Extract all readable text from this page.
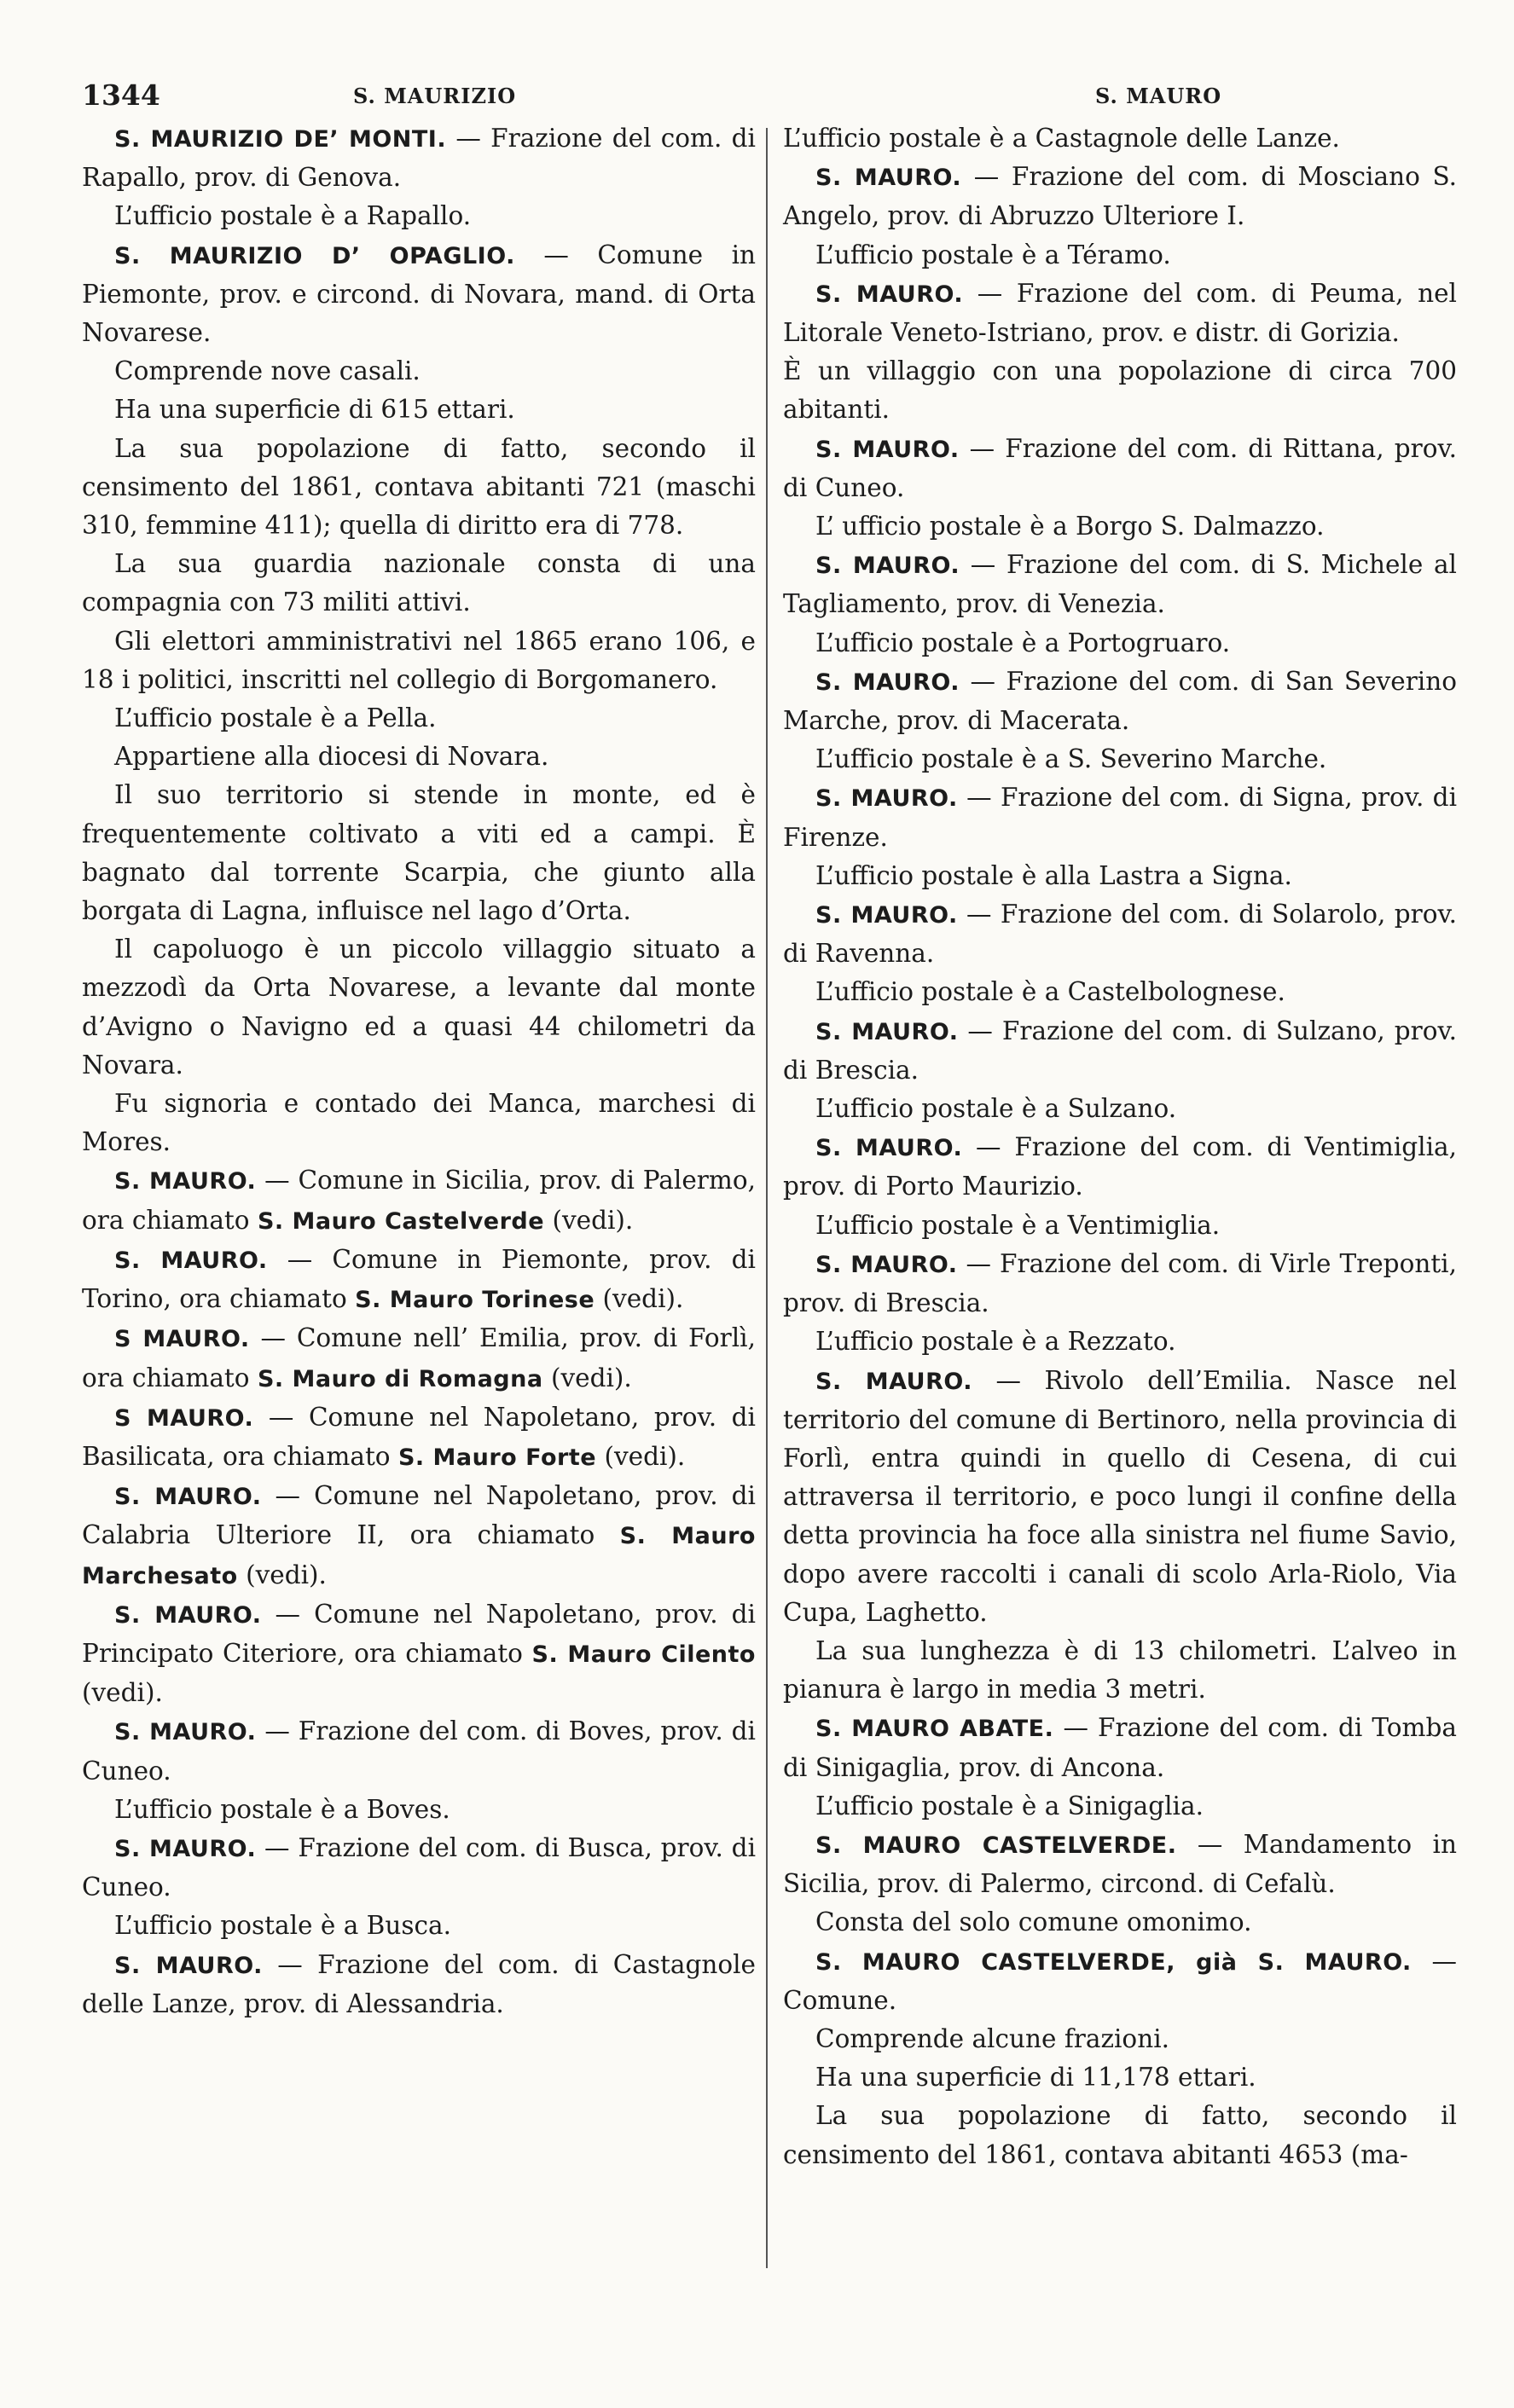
1344	S. MAURIZIO	S. MAURO

S. MAURIZIO DE’ MONTI. — Frazione del com. di Rapallo, prov. di Genova.

L’ufficio postale è a Rapallo.

S. MAURIZIO D’ OPAGLIO. — Comune in Piemonte, prov. e circond. di Novara, mand. di Orta Novarese.

Comprende nove casali.

Ha una superficie di 615 ettari.

La sua popolazione di fatto, secondo il censimento del 1861, contava abitanti 721 (maschi 310, femmine 411); quella di diritto era di 778.

La sua guardia nazionale consta di una compagnia con 73 militi attivi.

Gli elettori amministrativi nel 1865 erano 106, e 18 i politici, inscritti nel collegio di Borgomanero.

L’ufficio postale è a Pella.

Appartiene alla diocesi di Novara.

Il suo territorio si stende in monte, ed è frequentemente coltivato a viti ed a campi. È bagnato dal torrente Scarpia, che giunto alla borgata di Lagna, influisce nel lago d’Orta.

Il capoluogo è un piccolo villaggio situato a mezzodì da Orta Novarese, a levante dal monte d’Avigno o Navigno ed a quasi 44 chilometri da Novara.

Fu signoria e contado dei Manca, marchesi di Mores.

S. MAURO. — Comune in Sicilia, prov. di Palermo, ora chiamato S. Mauro Castelverde (vedi).

S. MAURO. — Comune in Piemonte, prov. di Torino, ora chiamato S. Mauro Torinese (vedi).

S MAURO. — Comune nell’ Emilia, prov. di Forlì, ora chiamato S. Mauro di Romagna (vedi).

S MAURO. — Comune nel Napoletano, prov. di Basilicata, ora chiamato S. Mauro Forte (vedi).

S. MAURO. — Comune nel Napoletano, prov. di Calabria Ulteriore II, ora chiamato S. Mauro Marchesato (vedi).

S. MAURO. — Comune nel Napoletano, prov. di Principato Citeriore, ora chiamato S. Mauro Cilento (vedi).

S. MAURO. — Frazione del com. di Boves, prov. di Cuneo.

L’ufficio postale è a Boves.

S. MAURO. — Frazione del com. di Busca, prov. di Cuneo.

L’ufficio postale è a Busca.

S. MAURO. — Frazione del com. di Castagnole delle Lanze, prov. di Alessandria.

L’ufficio postale è a Castagnole delle Lanze.

S. MAURO. — Frazione del com. di Mosciano S. Angelo, prov. di Abruzzo Ulteriore I.

L’ufficio postale è a Téramo.

S. MAURO. — Frazione del com. di Peuma, nel Litorale Veneto-Istriano, prov. e distr. di Gorizia.

È un villaggio con una popolazione di circa 700 abitanti.

S. MAURO. — Frazione del com. di Rittana, prov. di Cuneo.

L’ ufficio postale è a Borgo S. Dalmazzo.

S. MAURO. — Frazione del com. di S. Michele al Tagliamento, prov. di Venezia.

L’ufficio postale è a Portogruaro.

S. MAURO. — Frazione del com. di San Severino Marche, prov. di Macerata.

L’ufficio postale è a S. Severino Marche.

S. MAURO. — Frazione del com. di Signa, prov. di Firenze.

L’ufficio postale è alla Lastra a Signa.

S. MAURO. — Frazione del com. di Solarolo, prov. di Ravenna.

L’ufficio postale è a Castelbolognese.

S. MAURO. — Frazione del com. di Sulzano, prov. di Brescia.

L’ufficio postale è a Sulzano.

S. MAURO. — Frazione del com. di Ventimiglia, prov. di Porto Maurizio.

L’ufficio postale è a Ventimiglia.

S. MAURO. — Frazione del com. di Virle Treponti, prov. di Brescia.

L’ufficio postale è a Rezzato.

S. MAURO. — Rivolo dell’Emilia. Nasce nel territorio del comune di Bertinoro, nella provincia di Forlì, entra quindi in quello di Cesena, di cui attraversa il territorio, e poco lungi il confine della detta provincia ha foce alla sinistra nel fiume Savio, dopo avere raccolti i canali di scolo Arla-Riolo, Via Cupa, Laghetto.

La sua lunghezza è di 13 chilometri. L’alveo in pianura è largo in media 3 metri.

S. MAURO ABATE. — Frazione del com. di Tomba di Sinigaglia, prov. di Ancona.

L’ufficio postale è a Sinigaglia.

S. MAURO CASTELVERDE. — Mandamento in Sicilia, prov. di Palermo, circond. di Cefalù.

Consta del solo comune omonimo.

S. MAURO CASTELVERDE, già S. MAURO. — Comune.

Comprende alcune frazioni.

Ha una superficie di 11,178 ettari.

La sua popolazione di fatto, secondo il censimento del 1861, contava abitanti 4653 (ma-
